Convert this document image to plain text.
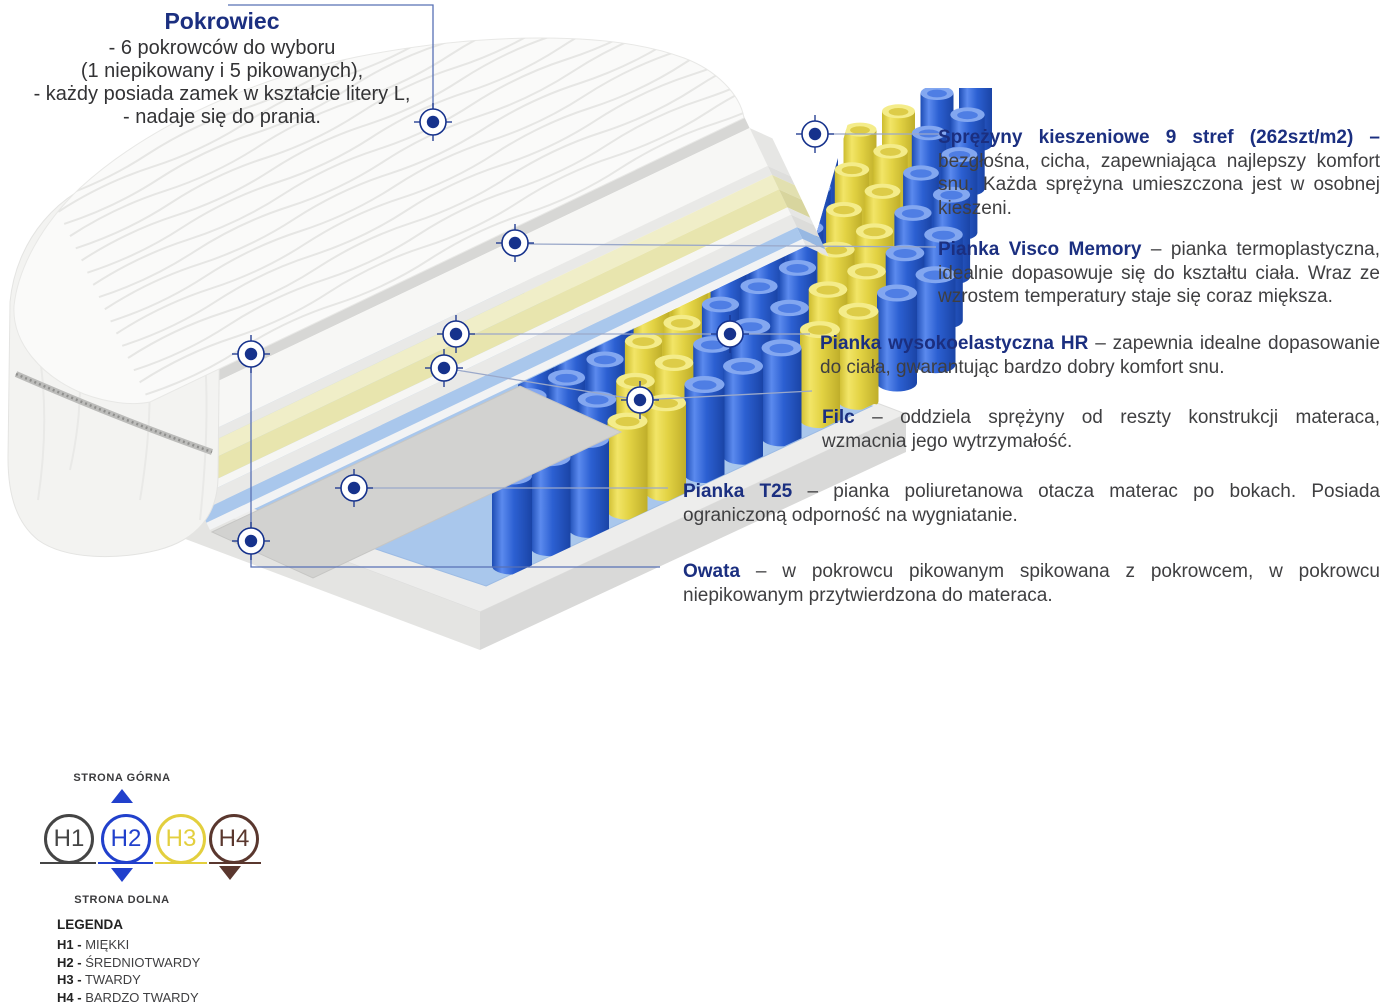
Pokrowiec
- 6 pokrowców do wyboru
(1 niepikowany i 5 pikowanych),
- każdy posiada zamek w kształcie litery L,
- nadaje się do prania.
Sprężyny kieszeniowe 9 stref (262szt/m2) – bezgłośna, cicha, zapewniająca najlepszy komfort snu. Każda sprężyna umieszczona jest w osobnej kieszeni.
Pianka Visco Memory – pianka termoplastyczna, idealnie dopasowuje się do kształtu ciała. Wraz ze wzrostem temperatury staje się coraz miększa.
Pianka wysokoelastyczna HR – zapewnia idealne dopasowanie do ciała, gwarantując bardzo dobry komfort snu.
Filc – oddziela sprężyny od reszty konstrukcji materaca, wzmacnia jego wytrzymałość.
Pianka T25 – pianka poliuretanowa otacza materac po bokach. Posiada ograniczoną odporność na wygniatanie.
Owata – w pokrowcu pikowanym spikowana z pokrowcem, w pokrowcu niepikowanym przytwierdzona do materaca.
STRONA GÓRNA
H1	H2	H3 H4
STRONA DOLNA
LEGENDA
H1 - MIĘKKI
H2 - ŚREDNIOTWARDY
H3 - TWARDY
H4 - BARDZO TWARDY
